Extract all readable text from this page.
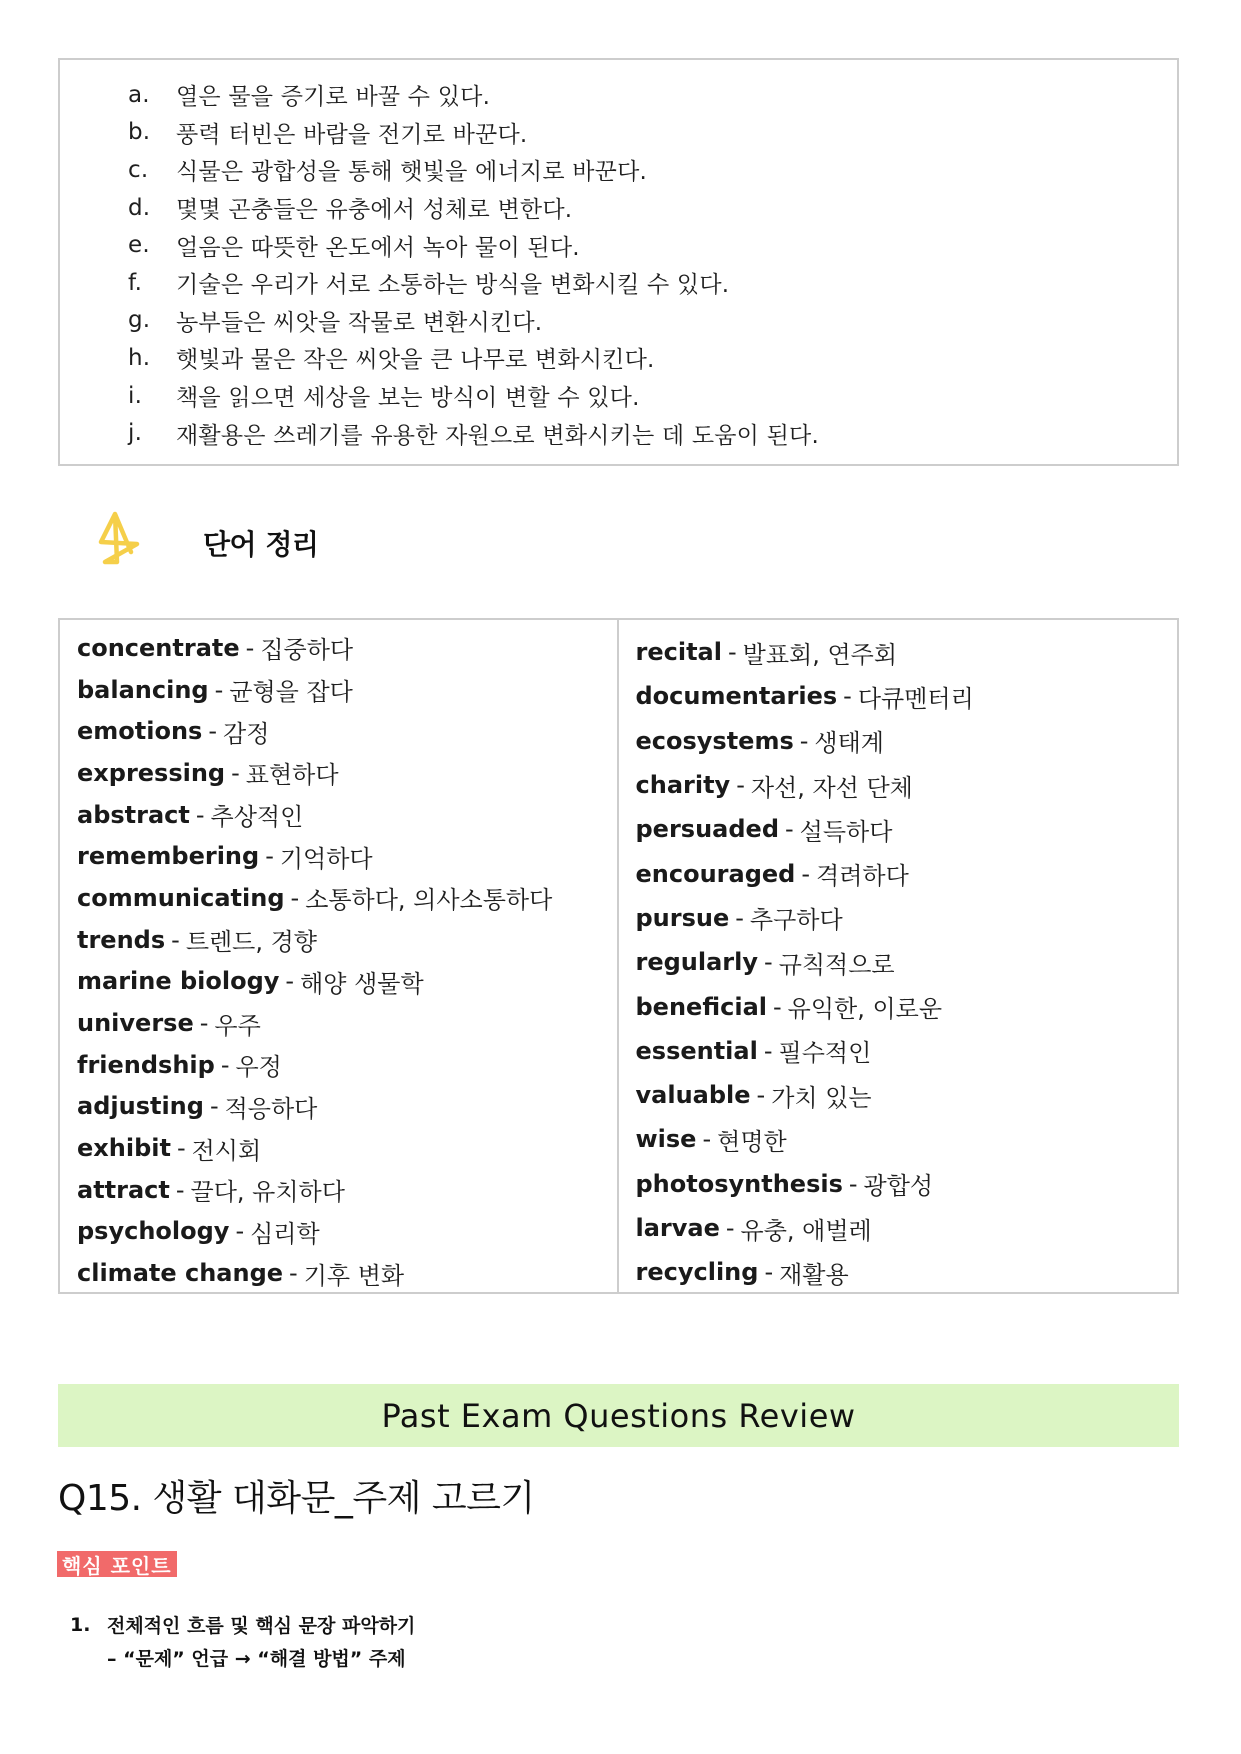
a.	열은 물을 증기로 바꿀 수 있다.
b.	풍력 터빈은 바람을 전기로 바꾼다.
c.	식물은 광합성을 통해 햇빛을 에너지로 바꾼다.
d.	몇몇 곤충들은 유충에서 성체로 변한다.
e.	얼음은 따뜻한 온도에서 녹아 물이 된다.
f.	기술은 우리가 서로 소통하는 방식을 변화시킬 수 있다.
g.	농부들은 씨앗을 작물로 변환시킨다.
h.	햇빛과 물은 작은 씨앗을 큰 나무로 변화시킨다.
i.	책을 읽으면 세상을 보는 방식이 변할 수 있다.
j.	재활용은 쓰레기를 유용한 자원으로 변화시키는 데 도움이 된다.
단어 정리
concentrate - 집중하다
balancing - 균형을 잡다
emotions - 감정
expressing - 표현하다
abstract - 추상적인
remembering - 기억하다
communicating - 소통하다, 의사소통하다
trends - 트렌드, 경향
marine biology - 해양 생물학
universe - 우주
friendship - 우정
adjusting - 적응하다
exhibit - 전시회
attract - 끌다, 유치하다
psychology - 심리학
climate change - 기후 변화
recital - 발표회, 연주회
documentaries - 다큐멘터리
ecosystems - 생태계
charity - 자선, 자선 단체
persuaded - 설득하다
encouraged - 격려하다
pursue - 추구하다
regularly - 규칙적으로
beneficial - 유익한, 이로운
essential - 필수적인
valuable - 가치 있는
wise - 현명한
photosynthesis - 광합성
larvae - 유충, 애벌레
recycling - 재활용
Past Exam Questions Review
Q15. 생활 대화문_주제 고르기
핵심 포인트
1. 전체적인 흐름 및 핵심 문장 파악하기
– “문제” 언급 → “해결 방법” 주제
